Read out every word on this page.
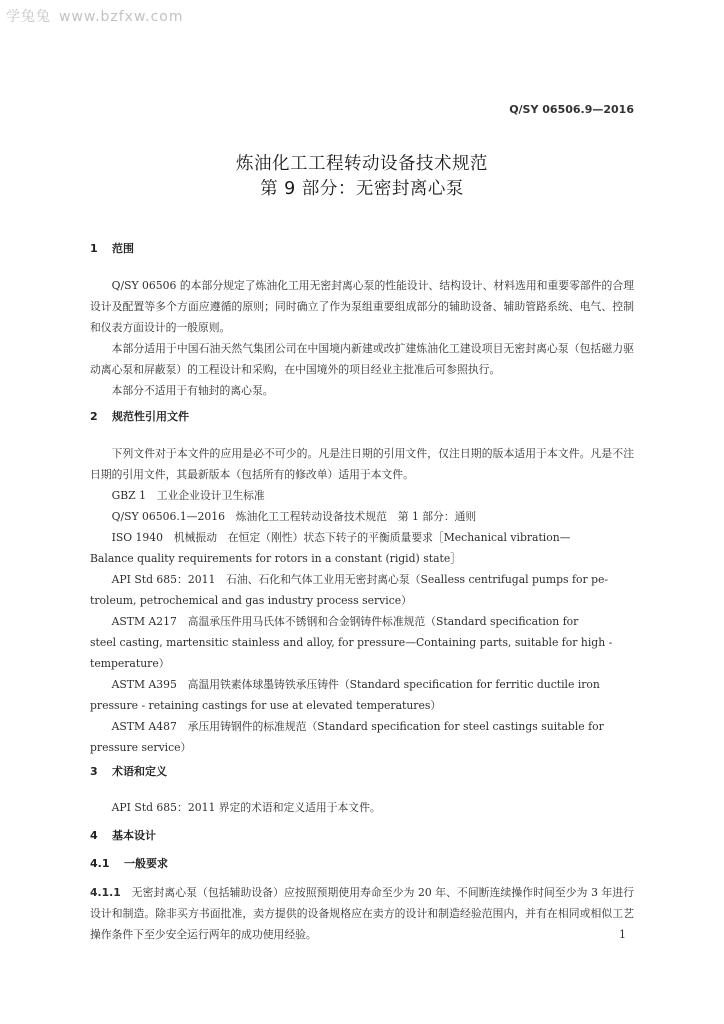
学兔兔 www.bzfxw.com
Q/SY 06506.9—2016
炼油化工工程转动设备技术规范
第 9 部分：无密封离心泵
1 范围

Q/SY 06506 的本部分规定了炼油化工用无密封离心泵的性能设计、结构设计、材料选用和重要零部件的合理设计及配置等多个方面应遵循的原则；同时确立了作为泵组重要组成部分的辅助设备、辅助管路系统、电气、控制和仪表方面设计的一般原则。

本部分适用于中国石油天然气集团公司在中国境内新建或改扩建炼油化工建设项目无密封离心泵（包括磁力驱动离心泵和屏蔽泵）的工程设计和采购，在中国境外的项目经业主批准后可参照执行。

本部分不适用于有轴封的离心泵。

2 规范性引用文件

下列文件对于本文件的应用是必不可少的。凡是注日期的引用文件，仅注日期的版本适用于本文件。凡是不注日期的引用文件，其最新版本（包括所有的修改单）适用于本文件。

GBZ 1　工业企业设计卫生标准
Q/SY 06506.1—2016　炼油化工工程转动设备技术规范　第 1 部分：通则
ISO 1940　机械振动　在恒定（刚性）状态下转子的平衡质量要求［Mechanical vibration—
Balance quality requirements for rotors in a constant (rigid) state］
API Std 685：2011　石油、石化和气体工业用无密封离心泵（Sealless centrifugal pumps for pe-
troleum, petrochemical and gas industry process service）
ASTM A217　高温承压件用马氏体不锈钢和合金钢铸件标准规范（Standard specification for
steel casting, martensitic stainless and alloy, for pressure—Containing parts, suitable for high -
temperature）
ASTM A395　高温用铁素体球墨铸铁承压铸件（Standard specification for ferritic ductile iron
pressure - retaining castings for use at elevated temperatures）
ASTM A487　承压用铸钢件的标准规范（Standard specification for steel castings suitable for
pressure service）
3 术语和定义

API Std 685：2011 界定的术语和定义适用于本文件。

4 基本设计
4.1 一般要求

4.1.1　 无密封离心泵（包括辅助设备）应按照预期使用寿命至少为 20 年、不间断连续操作时间至少为 3 年进行设计和制造。除非买方书面批准，卖方提供的设备规格应在卖方的设计和制造经验范围内，并有在相同或相似工艺操作条件下至少安全运行两年的成功使用经验。	1
